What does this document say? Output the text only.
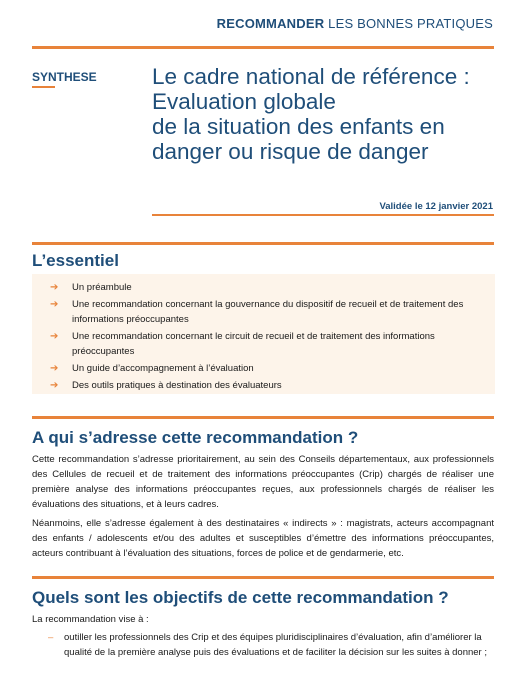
RECOMMANDER LES BONNES PRATIQUES
SYNTHESE Le cadre national de référence :
Evaluation globale
de la situation des enfants en
danger ou risque de danger
Validée le 12 janvier 2021
L’essentiel
➔ Un préambule
➔ Une recommandation concernant la gouvernance du dispositif de recueil et de traitement des informations préoccupantes
➔ Une recommandation concernant le circuit de recueil et de traitement des informations préoccupantes
➔ Un guide d’accompagnement à l’évaluation
➔ Des outils pratiques à destination des évaluateurs
A qui s’adresse cette recommandation ?
Cette recommandation s’adresse prioritairement, au sein des Conseils départementaux, aux professionnels des Cellules de recueil et de traitement des informations préoccupantes (Crip) chargés de réaliser une première analyse des informations préoccupantes reçues, aux professionnels chargés de réaliser les évaluations des situations, et à leurs cadres.
Néanmoins, elle s’adresse également à des destinataires « indirects » : magistrats, acteurs accompagnant des enfants / adolescents et/ou des adultes et susceptibles d’émettre des informations préoccupantes, acteurs contribuant à l’évaluation des situations, forces de police et de gendarmerie, etc.
Quels sont les objectifs de cette recommandation ?
La recommandation vise à :
– outiller les professionnels des Crip et des équipes pluridisciplinaires d’évaluation, afin d’améliorer la qualité de la première analyse puis des évaluations et de faciliter la décision sur les suites à donner ;
